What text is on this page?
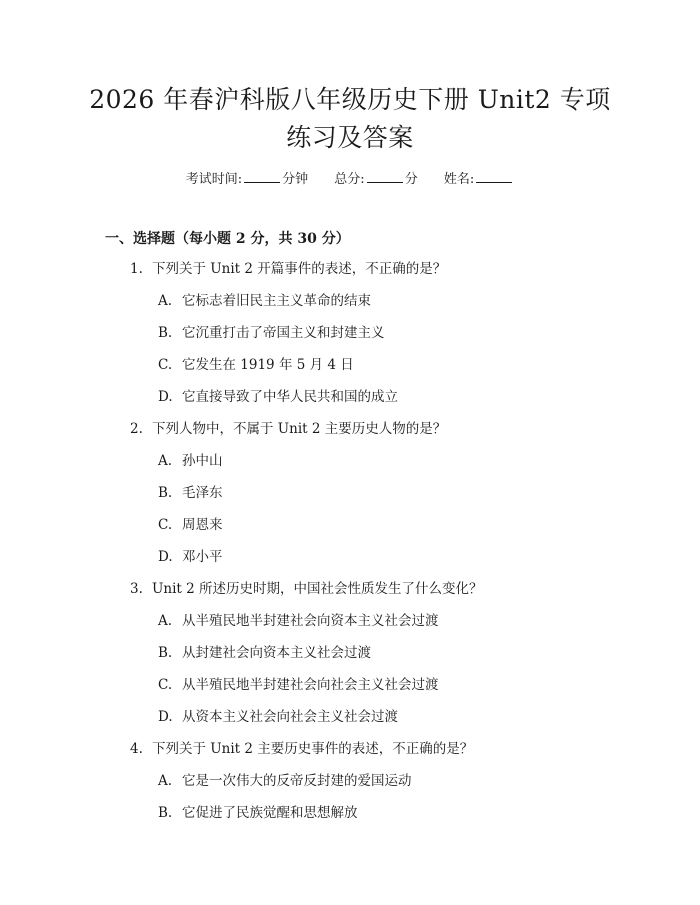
2026 年春沪科版八年级历史下册 Unit2 专项
练习及答案
考试时间:	分钟 总分:	分 姓名:
一、选择题（每小题 2 分，共 30 分）
1. 下列关于 Unit 2 开篇事件的表述，不正确的是？
A. 它标志着旧民主主义革命的结束
B. 它沉重打击了帝国主义和封建主义
C. 它发生在 1919 年 5 月 4 日
D. 它直接导致了中华人民共和国的成立
2. 下列人物中，不属于 Unit 2 主要历史人物的是？
A. 孙中山
B. 毛泽东
C. 周恩来
D. 邓小平
3. Unit 2 所述历史时期，中国社会性质发生了什么变化？
A. 从半殖民地半封建社会向资本主义社会过渡
B. 从封建社会向资本主义社会过渡
C. 从半殖民地半封建社会向社会主义社会过渡
D. 从资本主义社会向社会主义社会过渡
4. 下列关于 Unit 2 主要历史事件的表述，不正确的是？
A. 它是一次伟大的反帝反封建的爱国运动
B. 它促进了民族觉醒和思想解放
